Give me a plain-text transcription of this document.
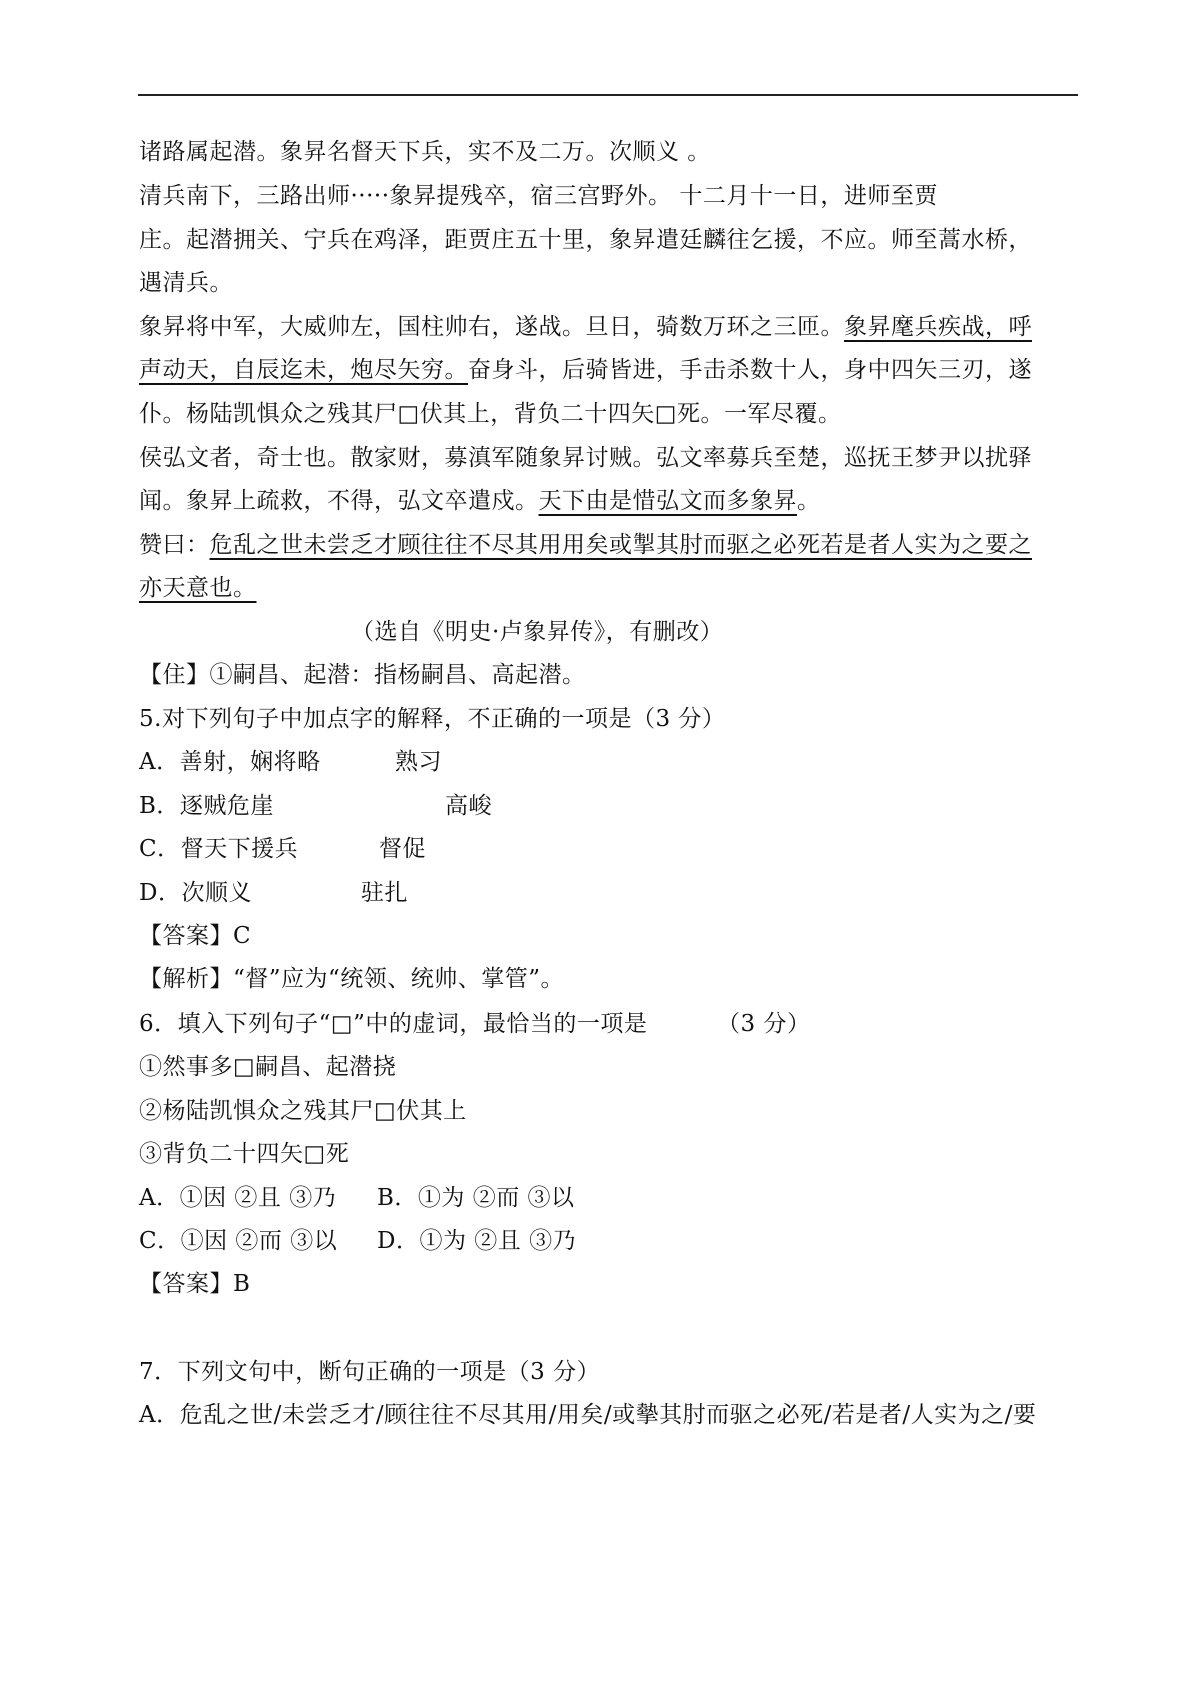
诸路属起潜。象昇名督天下兵，实不及二万。次顺义 。
清兵南下，三路出师·····象昇提残卒，宿三宫野外。 十二月十一日，进师至贾
庄。起潜拥关、宁兵在鸡泽，距贾庄五十里，象昇遣廷麟往乞援，不应。师至蒿水桥，
遇清兵。
象昇将中军，大威帅左，国柱帅右，遂战。旦日，骑数万环之三匝。象昇麾兵疾战，呼
声动天，自辰迄未，炮尽矢穷。奋身斗，后骑皆进，手击杀数十人，身中四矢三刃，遂
仆。杨陆凯惧众之残其尸□伏其上，背负二十四矢□死。一军尽覆。
侯弘文者，奇士也。散家财，募滇军随象昇讨贼。弘文率募兵至楚，巡抚王梦尹以扰驿
闻。象昇上疏救，不得，弘文卒遣戍。天下由是惜弘文而多象昇。
赞曰：危乱之世未尝乏才顾往往不尽其用用矣或掣其肘而驱之必死若是者人实为之要之
亦天意也。
（选自《明史·卢象昇传》，有删改）
【住】①嗣昌、起潜：指杨嗣昌、高起潜。
5.对下列句子中加点字的解释，不正确的一项是（3 分）
A．善射，娴将略	熟习
B．逐贼危崖	高峻
C．督天下援兵	督促
D．次顺义	驻扎
【答案】C
【解析】“督”应为“统领、统帅、掌管”。
6．填入下列句子“□”中的虚词，最恰当的一项是	（3 分）
①然事多□嗣昌、起潜挠
②杨陆凯惧众之残其尸□伏其上
③背负二十四矢□死
A．①因 ②且 ③乃 B．①为 ②而 ③以
C．①因 ②而 ③以 D．①为 ②且 ③乃
【答案】B
7．下列文句中，断句正确的一项是（3 分）
A．危乱之世/未尝乏才/顾往往不尽其用/用矣/或摰其肘而驱之必死/若是者/人实为之/要
